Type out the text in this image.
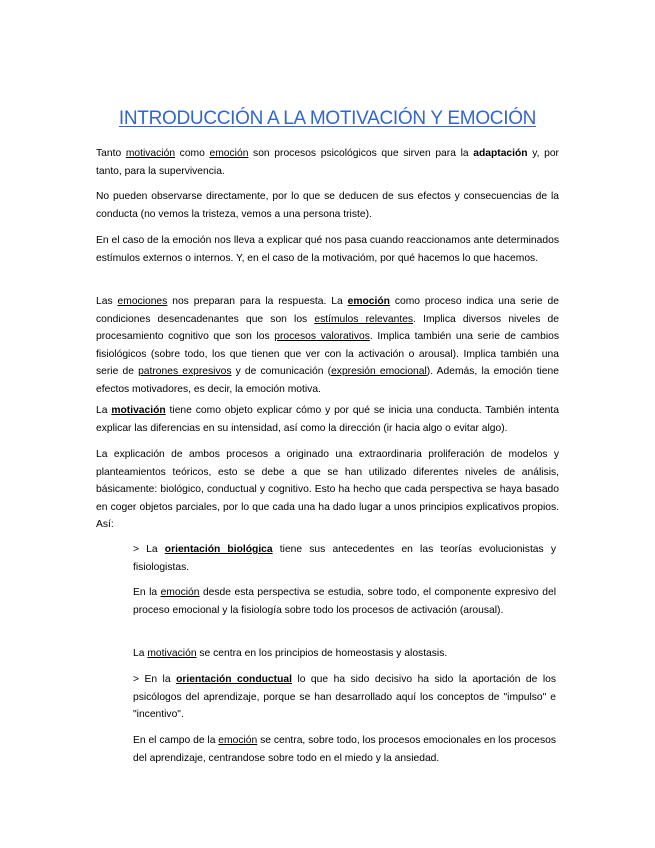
INTRODUCCIÓN A LA MOTIVACIÓN Y EMOCIÓN

Tanto motivación como emoción son procesos psicológicos que sirven para la adaptación y, por tanto, para la supervivencia.

No pueden observarse directamente, por lo que se deducen de sus efectos y consecuencias de la conducta (no vemos la tristeza, vemos a una persona triste).

En el caso de la emoción nos lleva a explicar qué nos pasa cuando reaccionamos ante determinados estímulos externos o internos. Y, en el caso de la motivacióm, por qué hacemos lo que hacemos.

Las emociones nos preparan para la respuesta. La emoción como proceso indica una serie de condiciones desencadenantes que son los estímulos relevantes. Implica diversos niveles de procesamiento cognitivo que son los procesos valorativos. Implica también una serie de cambios fisiológicos (sobre todo, los que tienen que ver con la activación o arousal). Implica también una serie de patrones expresivos y de comunicación (expresión emocional). Además, la emoción tiene efectos motivadores, es decir, la emoción motiva.

La motivación tiene como objeto explicar cómo y por qué se inicia una conducta. También intenta explicar las diferencias en su intensidad, así como la dirección (ir hacia algo o evitar algo).

La explicación de ambos procesos a originado una extraordinaria proliferación de modelos y planteamientos teóricos, esto se debe a que se han utilizado diferentes niveles de análisis, básicamente: biológico, conductual y cognitivo. Esto ha hecho que cada perspectiva se haya basado en coger objetos parciales, por lo que cada una ha dado lugar a unos principios explicativos propios. Así:

> La orientación biológica tiene sus antecedentes en las teorías evolucionistas y fisiologistas.

En la emoción desde esta perspectiva se estudia, sobre todo, el componente expresivo del proceso emocional y la fisiología sobre todo los procesos de activación (arousal).

La motivación se centra en los principios de homeostasis y alostasis.

> En la orientación conductual lo que ha sido decisivo ha sido la aportación de los psicólogos del aprendizaje, porque se han desarrollado aquí los conceptos de "impulso" e "incentivo".

En el campo de la emoción se centra, sobre todo, los procesos emocionales en los procesos del aprendizaje, centrandose sobre todo en el miedo y la ansiedad.
